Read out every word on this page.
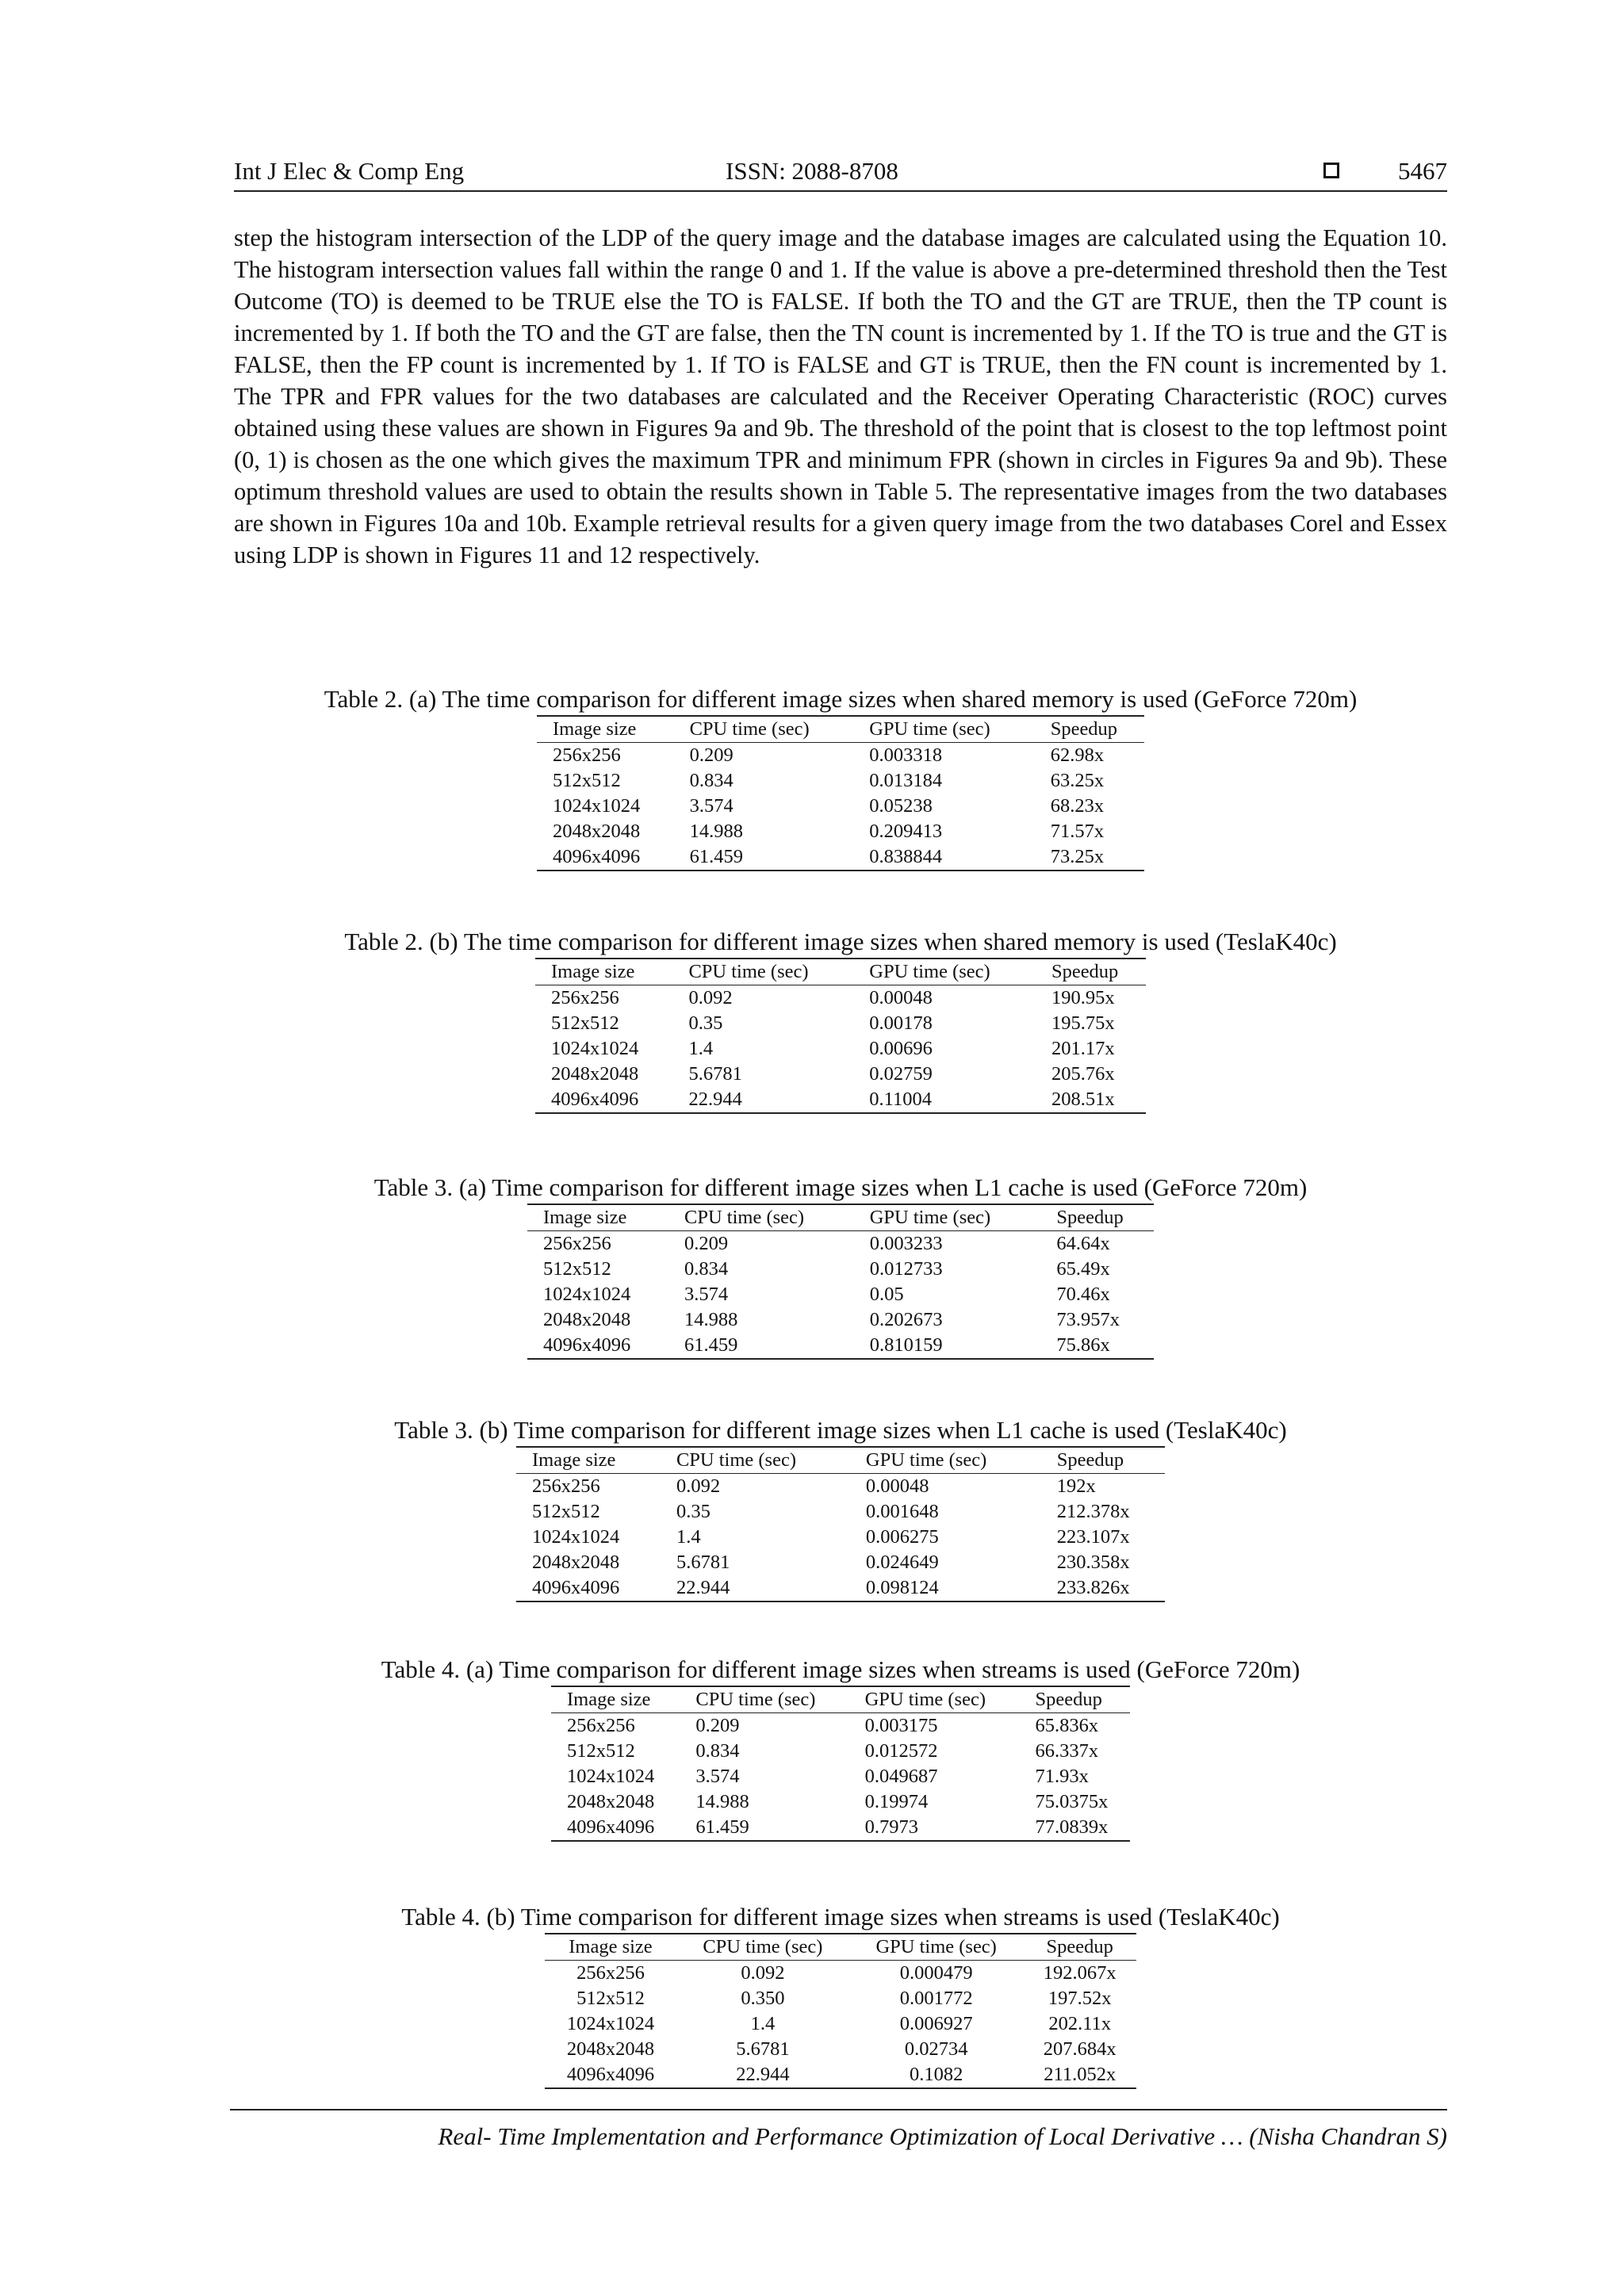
Int J Elec & Comp Eng	ISSN: 2088-8708	5467

step the histogram intersection of the LDP of the query image and the database images are calculated using the Equation 10. The histogram intersection values fall within the range 0 and 1. If the value is above a pre-determined threshold then the Test Outcome (TO) is deemed to be TRUE else the TO is FALSE. If both the TO and the GT are TRUE, then the TP count is incremented by 1. If both the TO and the GT are false, then the TN count is incremented by 1. If the TO is true and the GT is FALSE, then the FP count is incremented by 1. If TO is FALSE and GT is TRUE, then the FN count is incremented by 1. The TPR and FPR values for the two databases are calculated and the Receiver Operating Characteristic (ROC) curves obtained using these values are shown in Figures 9a and 9b. The threshold of the point that is closest to the top leftmost point (0, 1) is chosen as the one which gives the maximum TPR and minimum FPR (shown in circles in Figures 9a and 9b). These optimum threshold values are used to obtain the results shown in Table 5. The representative images from the two databases are shown in Figures 10a and 10b. Example retrieval results for a given query image from the two databases Corel and Essex using LDP is shown in Figures 11 and 12 respectively.

Table 2. (a) The time comparison for different image sizes when shared memory is used (GeForce 720m)
Image size	CPU time (sec)	GPU time (sec)	Speedup
256x256	0.209	0.003318	62.98x
512x512	0.834	0.013184	63.25x
1024x1024	3.574	0.05238	68.23x
2048x2048	14.988	0.209413	71.57x
4096x4096	61.459	0.838844	73.25x
Table 2. (b) The time comparison for different image sizes when shared memory is used (TeslaK40c)
Image size	CPU time (sec)	GPU time (sec)	Speedup
256x256	0.092	0.00048	190.95x
512x512	0.35	0.00178	195.75x
1024x1024	1.4	0.00696	201.17x
2048x2048	5.6781	0.02759	205.76x
4096x4096	22.944	0.11004	208.51x
Table 3. (a) Time comparison for different image sizes when L1 cache is used (GeForce 720m)
Image size	CPU time (sec)	GPU time (sec)	Speedup
256x256	0.209	0.003233	64.64x
512x512	0.834	0.012733	65.49x
1024x1024	3.574	0.05	70.46x
2048x2048	14.988	0.202673	73.957x
4096x4096	61.459	0.810159	75.86x
Table 3. (b) Time comparison for different image sizes when L1 cache is used (TeslaK40c)
Image size	CPU time (sec)	GPU time (sec)	Speedup
256x256	0.092	0.00048	192x
512x512	0.35	0.001648	212.378x
1024x1024	1.4	0.006275	223.107x
2048x2048	5.6781	0.024649	230.358x
4096x4096	22.944	0.098124	233.826x
Table 4. (a) Time comparison for different image sizes when streams is used (GeForce 720m)
Image size	CPU time (sec)	GPU time (sec)	Speedup
256x256	0.209	0.003175	65.836x
512x512	0.834	0.012572	66.337x
1024x1024	3.574	0.049687	71.93x
2048x2048	14.988	0.19974	75.0375x
4096x4096	61.459	0.7973	77.0839x
Table 4. (b) Time comparison for different image sizes when streams is used (TeslaK40c)
Image size	CPU time (sec)	GPU time (sec)	Speedup
256x256	0.092	0.000479	192.067x
512x512	0.350	0.001772	197.52x
1024x1024	1.4	0.006927	202.11x
2048x2048	5.6781	0.02734	207.684x
4096x4096	22.944	0.1082	211.052x
Real- Time Implementation and Performance Optimization of Local Derivative … (Nisha Chandran S)
